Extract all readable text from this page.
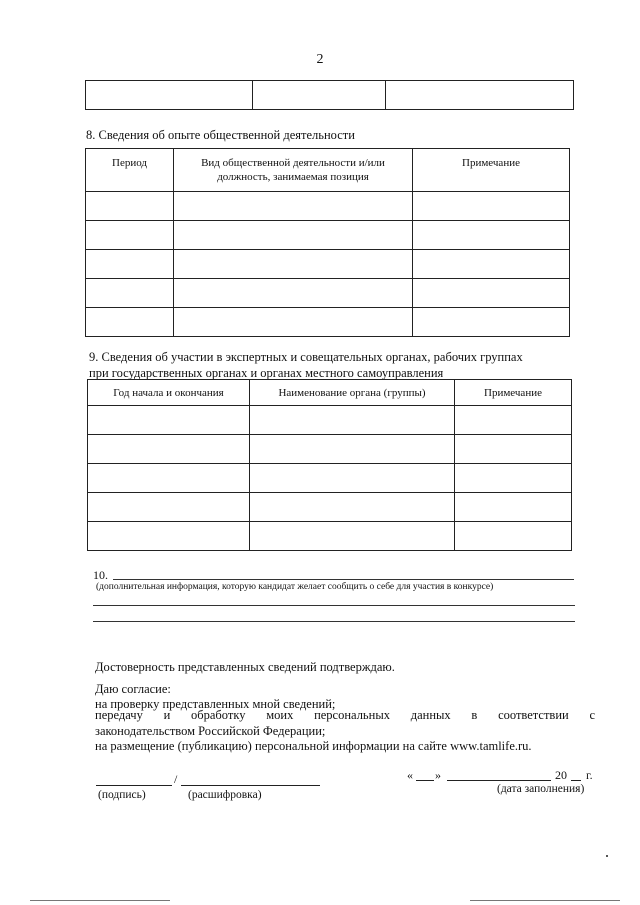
2

8. Сведения об опыте общественной деятельности
Период	Вид общественной деятельности и/или должность, занимаемая позиция	Примечание

9. Сведения об участии в экспертных и совещательных органах, рабочих группах
при государственных органах и органах местного самоуправления
Год начала и окончания	Наименование органа (группы)	Примечание

10.
(дополнительная информация, которую кандидат желает сообщить о себе для участия в конкурсе)
Достоверность представленных сведений подтверждаю.
Даю согласие:
на проверку представленных мной сведений;
передачу и обработку моих персональных данных в соответствии с
законодательством Российской Федерации;
на размещение (публикацию) персональной информации на сайте www.tamlife.ru.
/
(подпись)	(расшифровка)
« »	20 г.
(дата заполнения)
